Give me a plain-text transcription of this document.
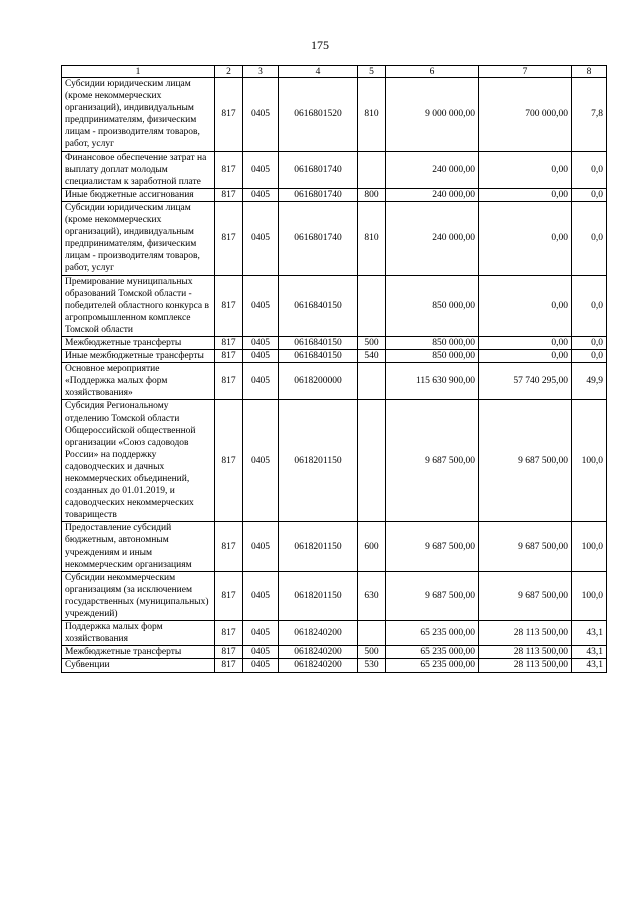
175
1	2	3	4	5	6	7	8
Субсидии юридическим лицам (кроме некоммерческих организаций), индивидуальным предпринимателям, физическим лицам - производителям товаров, работ, услуг	817	0405	0616801520	810	9 000 000,00	700 000,00	7,8
Финансовое обеспечение затрат на выплату доплат молодым специалистам к заработной плате	817	0405	0616801740		240 000,00	0,00	0,0
Иные бюджетные ассигнования	817	0405	0616801740	800	240 000,00	0,00	0,0
Субсидии юридическим лицам (кроме некоммерческих организаций), индивидуальным предпринимателям, физическим лицам - производителям товаров, работ, услуг	817	0405	0616801740	810	240 000,00	0,00	0,0
Премирование муниципальных образований Томской области - победителей областного конкурса в агропромышленном комплексе Томской области	817	0405	0616840150		850 000,00	0,00	0,0
Межбюджетные трансферты	817	0405	0616840150	500	850 000,00	0,00	0,0
Иные межбюджетные трансферты	817	0405	0616840150	540	850 000,00	0,00	0,0
Основное мероприятие «Поддержка малых форм хозяйствования»	817	0405	0618200000		115 630 900,00	57 740 295,00	49,9
Субсидия Региональному отделению Томской области Общероссийской общественной организации «Союз садоводов России» на поддержку садоводческих и дачных некоммерческих объединений, созданных до 01.01.2019, и садоводческих некоммерческих товариществ	817	0405	0618201150		9 687 500,00	9 687 500,00	100,0
Предоставление субсидий бюджетным, автономным учреждениям и иным некоммерческим организациям	817	0405	0618201150	600	9 687 500,00	9 687 500,00	100,0
Субсидии некоммерческим организациям (за исключением государственных (муниципальных) учреждений)	817	0405	0618201150	630	9 687 500,00	9 687 500,00	100,0
Поддержка малых форм хозяйствования	817	0405	0618240200		65 235 000,00	28 113 500,00	43,1
Межбюджетные трансферты	817	0405	0618240200	500	65 235 000,00	28 113 500,00	43,1
Субвенции	817	0405	0618240200	530	65 235 000,00	28 113 500,00	43,1
